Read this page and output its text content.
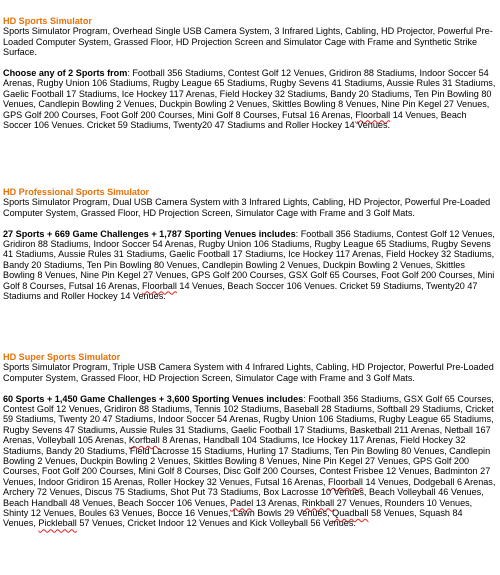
HD Sports Simulator

Sports Simulator Program, Overhead Single USB Camera System, 3 Infrared Lights, Cabling, HD Projector, Powerful Pre-Loaded Computer System, Grassed Floor, HD Projection Screen and Simulator Cage with Frame and Synthetic Strike Surface.

Choose any of 2 Sports from: Football 356 Stadiums, Contest Golf 12 Venues, Gridiron 88 Stadiums, Indoor Soccer 54 Arenas, Rugby Union 106 Stadiums, Rugby League 65 Stadiums, Rugby Sevens 41 Stadiums, Aussie Rules 31 Stadiums, Gaelic Football 17 Stadiums, Ice Hockey 117 Arenas, Field Hockey 32 Stadiums, Bandy 20 Stadiums, Ten Pin Bowling 80 Venues, Candlepin Bowling 2 Venues, Duckpin Bowling 2 Venues, Skittles Bowling 8 Venues, Nine Pin Kegel 27 Venues, GPS Golf 200 Courses, Foot Golf 200 Courses, Mini Golf 8 Courses, Futsal 16 Arenas, Floorball 14 Venues, Beach Soccer 106 Venues. Cricket 59 Stadiums, Twenty20 47 Stadiums and Roller Hockey 14 Venues.

HD Professional Sports Simulator

Sports Simulator Program, Dual USB Camera System with 3 Infrared Lights, Cabling, HD Projector, Powerful Pre-Loaded Computer System, Grassed Floor, HD Projection Screen, Simulator Cage with Frame and 3 Golf Mats.

27 Sports + 669 Game Challenges + 1,787 Sporting Venues includes: Football 356 Stadiums, Contest Golf 12 Venues, Gridiron 88 Stadiums, Indoor Soccer 54 Arenas, Rugby Union 106 Stadiums, Rugby League 65 Stadiums, Rugby Sevens 41 Stadiums, Aussie Rules 31 Stadiums, Gaelic Football 17 Stadiums, Ice Hockey 117 Arenas, Field Hockey 32 Stadiums, Bandy 20 Stadiums, Ten Pin Bowling 80 Venues, Candlepin Bowling 2 Venues, Duckpin Bowling 2 Venues, Skittles Bowling 8 Venues, Nine Pin Kegel 27 Venues, GPS Golf 200 Courses, GSX Golf 65 Courses, Foot Golf 200 Courses, Mini Golf 8 Courses, Futsal 16 Arenas, Floorball 14 Venues, Beach Soccer 106 Venues. Cricket 59 Stadiums, Twenty20 47 Stadiums and Roller Hockey 14 Venues.

HD Super Sports Simulator

Sports Simulator Program, Triple USB Camera System with 4 Infrared Lights, Cabling, HD Projector, Powerful Pre-Loaded Computer System, Grassed Floor, HD Projection Screen, Simulator Cage with Frame and 3 Golf Mats.

60 Sports + 1,450 Game Challenges + 3,600 Sporting Venues includes: Football 356 Stadiums, GSX Golf 65 Courses, Contest Golf 12 Venues, Gridiron 88 Stadiums, Tennis 102 Stadiums, Baseball 28 Stadiums, Softball 29 Stadiums, Cricket 59 Stadiums, Twenty 20 47 Stadiums, Indoor Soccer 54 Arenas, Rugby Union 106 Stadiums, Rugby League 65 Stadiums, Rugby Sevens 47 Stadiums, Aussie Rules 31 Stadiums, Gaelic Football 17 Stadiums, Basketball 211 Arenas, Netball 167 Arenas, Volleyball 105 Arenas, Korfball 8 Arenas, Handball 104 Stadiums, Ice Hockey 117 Arenas, Field Hockey 32 Stadiums, Bandy 20 Stadiums, Field Lacrosse 15 Stadiums, Hurling 17 Stadiums, Ten Pin Bowling 80 Venues, Candlepin Bowling 2 Venues, Duckpin Bowling 2 Venues, Skittles Bowling 8 Venues, Nine Pin Kegel 27 Venues, GPS Golf 200 Courses, Foot Golf 200 Courses, Mini Golf 8 Courses, Disc Golf 200 Courses, Contest Frisbee 12 Venues, Badminton 27 Venues, Indoor Gridiron 15 Arenas, Roller Hockey 32 Venues, Futsal 16 Arenas, Floorball 14 Venues, Dodgeball 6 Arenas, Archery 72 Venues, Discus 75 Stadiums, Shot Put 73 Stadiums, Box Lacrosse 10 Venues, Beach Volleyball 46 Venues, Beach Handball 48 Venues, Beach Soccer 106 Venues, Padel 13 Arenas, Rinkball 27 Venues, Rounders 10 Venues, Shinty 12 Venues, Boules 63 Venues, Bocce 16 Venues, Lawn Bowls 29 Venues, Quadball 58 Venues, Squash 84 Venues, Pickleball 57 Venues, Cricket Indoor 12 Venues and Kick Volleyball 56 Venues.
